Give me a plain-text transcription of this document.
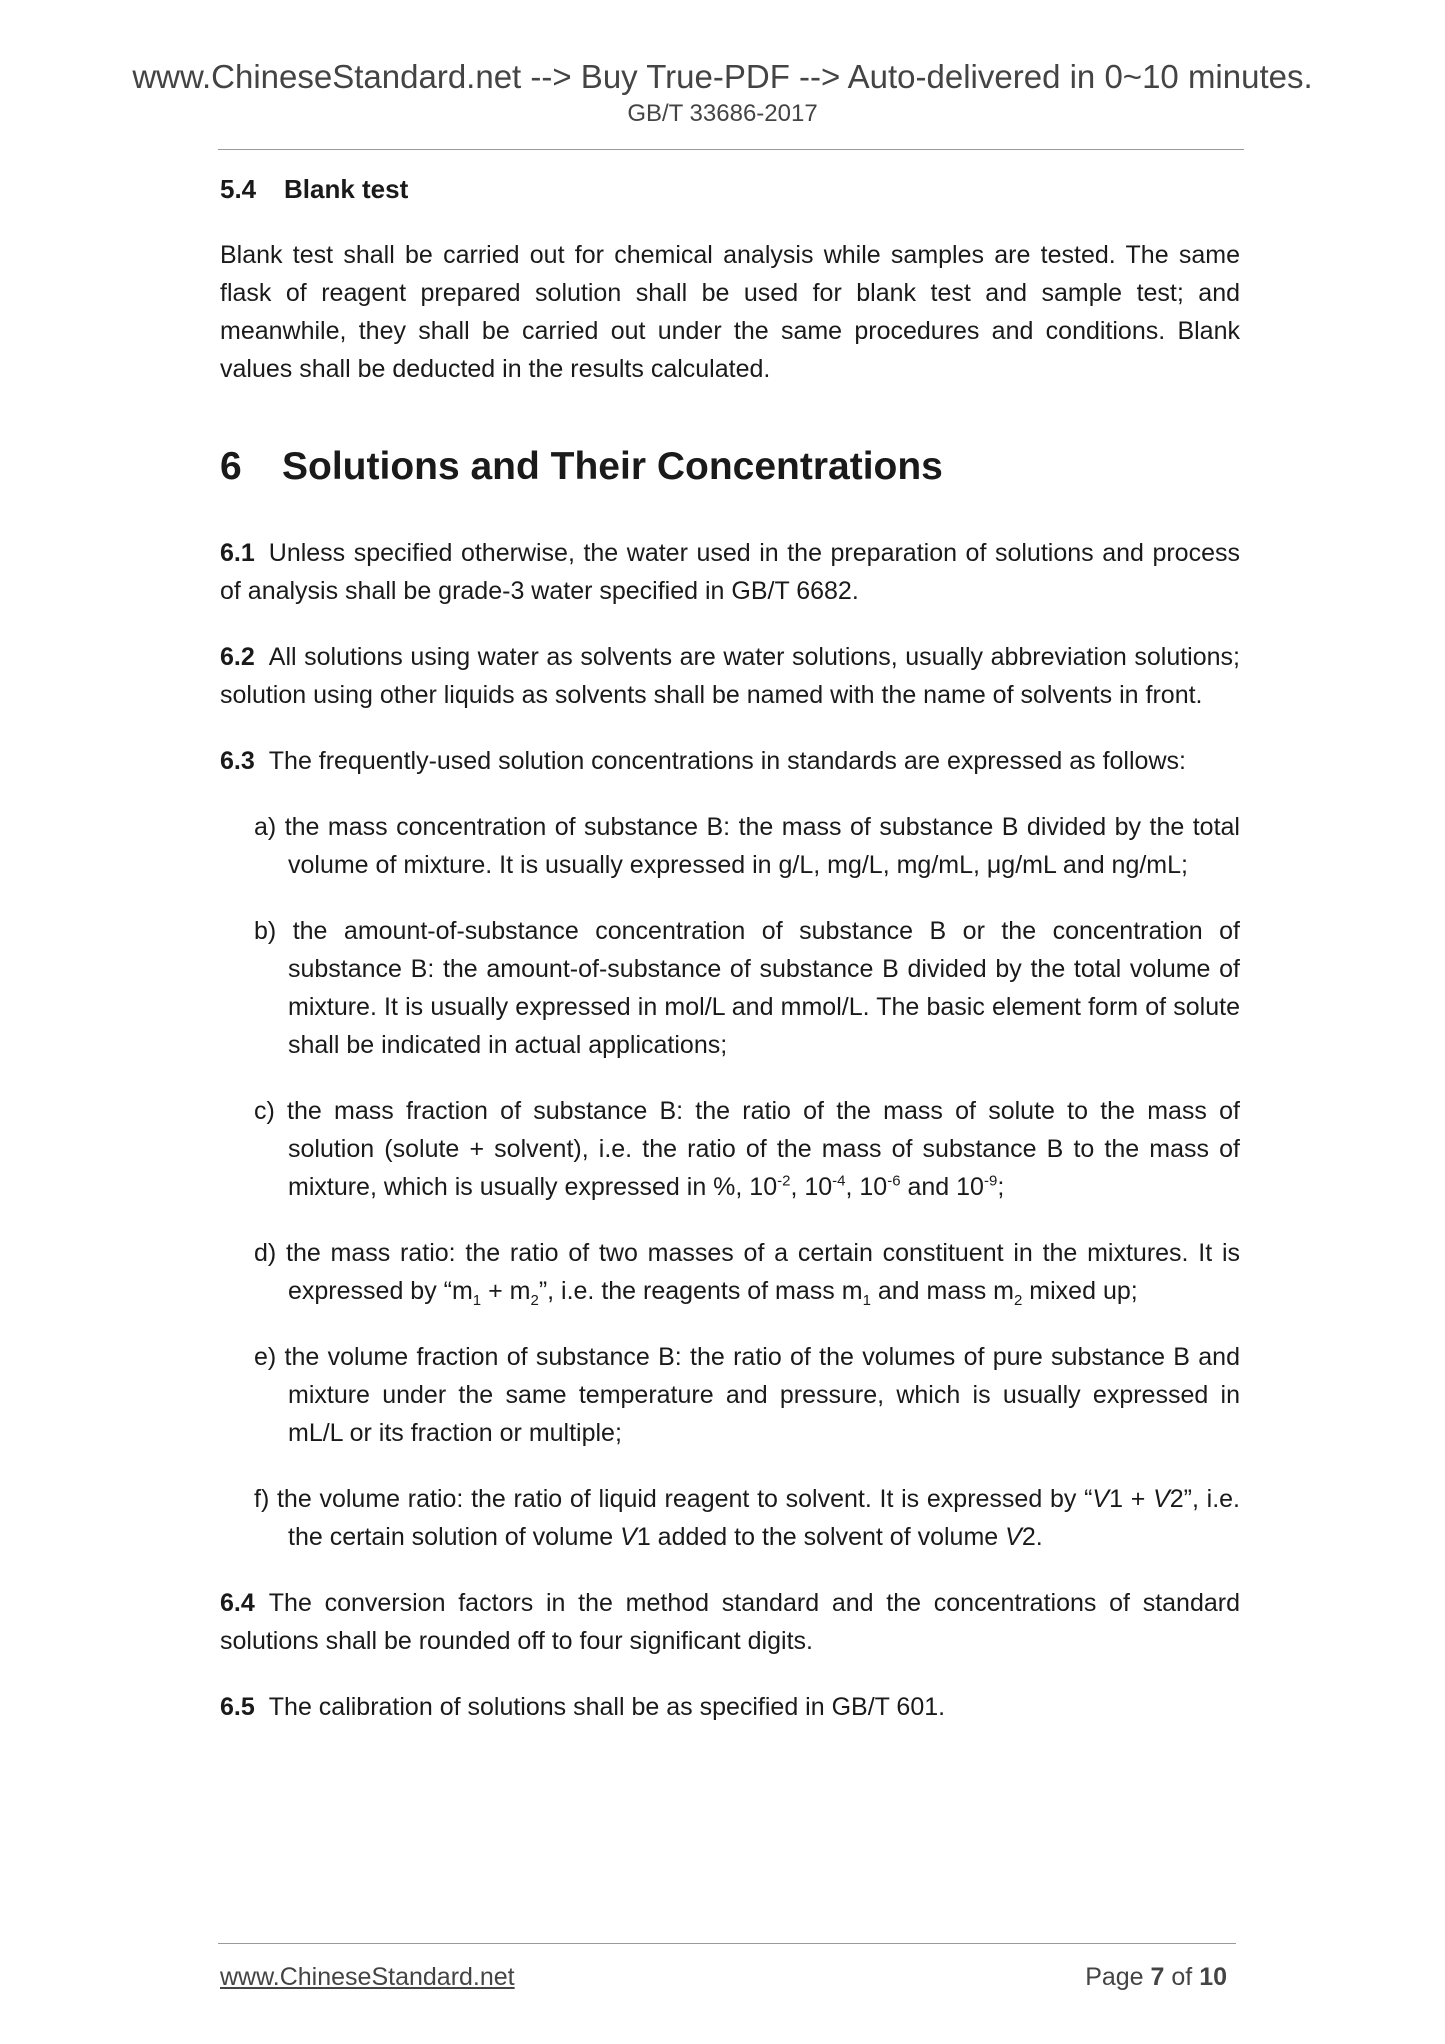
www.ChineseStandard.net --> Buy True-PDF --> Auto-delivered in 0~10 minutes.
GB/T 33686-2017
5.4 Blank test

Blank test shall be carried out for chemical analysis while samples are tested. The same flask of reagent prepared solution shall be used for blank test and sample test; and meanwhile, they shall be carried out under the same procedures and conditions. Blank values shall be deducted in the results calculated.

6 Solutions and Their Concentrations

6.1 Unless specified otherwise, the water used in the preparation of solutions and process of analysis shall be grade-3 water specified in GB/T 6682.

6.2 All solutions using water as solvents are water solutions, usually abbreviation solutions; solution using other liquids as solvents shall be named with the name of solvents in front.

6.3 The frequently-used solution concentrations in standards are expressed as follows:

a) the mass concentration of substance B: the mass of substance B divided by the total volume of mixture. It is usually expressed in g/L, mg/L, mg/mL, μg/mL and ng/mL;

b) the amount-of-substance concentration of substance B or the concentration of substance B: the amount-of-substance of substance B divided by the total volume of mixture. It is usually expressed in mol/L and mmol/L. The basic element form of solute shall be indicated in actual applications;

c) the mass fraction of substance B: the ratio of the mass of solute to the mass of solution (solute + solvent), i.e. the ratio of the mass of substance B to the mass of mixture, which is usually expressed in %, $10^{-2}$, $10^{-4}$, $10^{-6}$ and $10^{-9}$;

d) the mass ratio: the ratio of two masses of a certain constituent in the mixtures. It is expressed by “$m_1 + m_2$”, i.e. the reagents of mass $m_1$ and mass $m_2$ mixed up;

e) the volume fraction of substance B: the ratio of the volumes of pure substance B and mixture under the same temperature and pressure, which is usually expressed in mL/L or its fraction or multiple;

f) the volume ratio: the ratio of liquid reagent to solvent. It is expressed by “V1 + V2”, i.e. the certain solution of volume V1 added to the solvent of volume V2.

6.4 The conversion factors in the method standard and the concentrations of standard solutions shall be rounded off to four significant digits.

6.5 The calibration of solutions shall be as specified in GB/T 601.

www.ChineseStandard.net	Page 7 of 10
